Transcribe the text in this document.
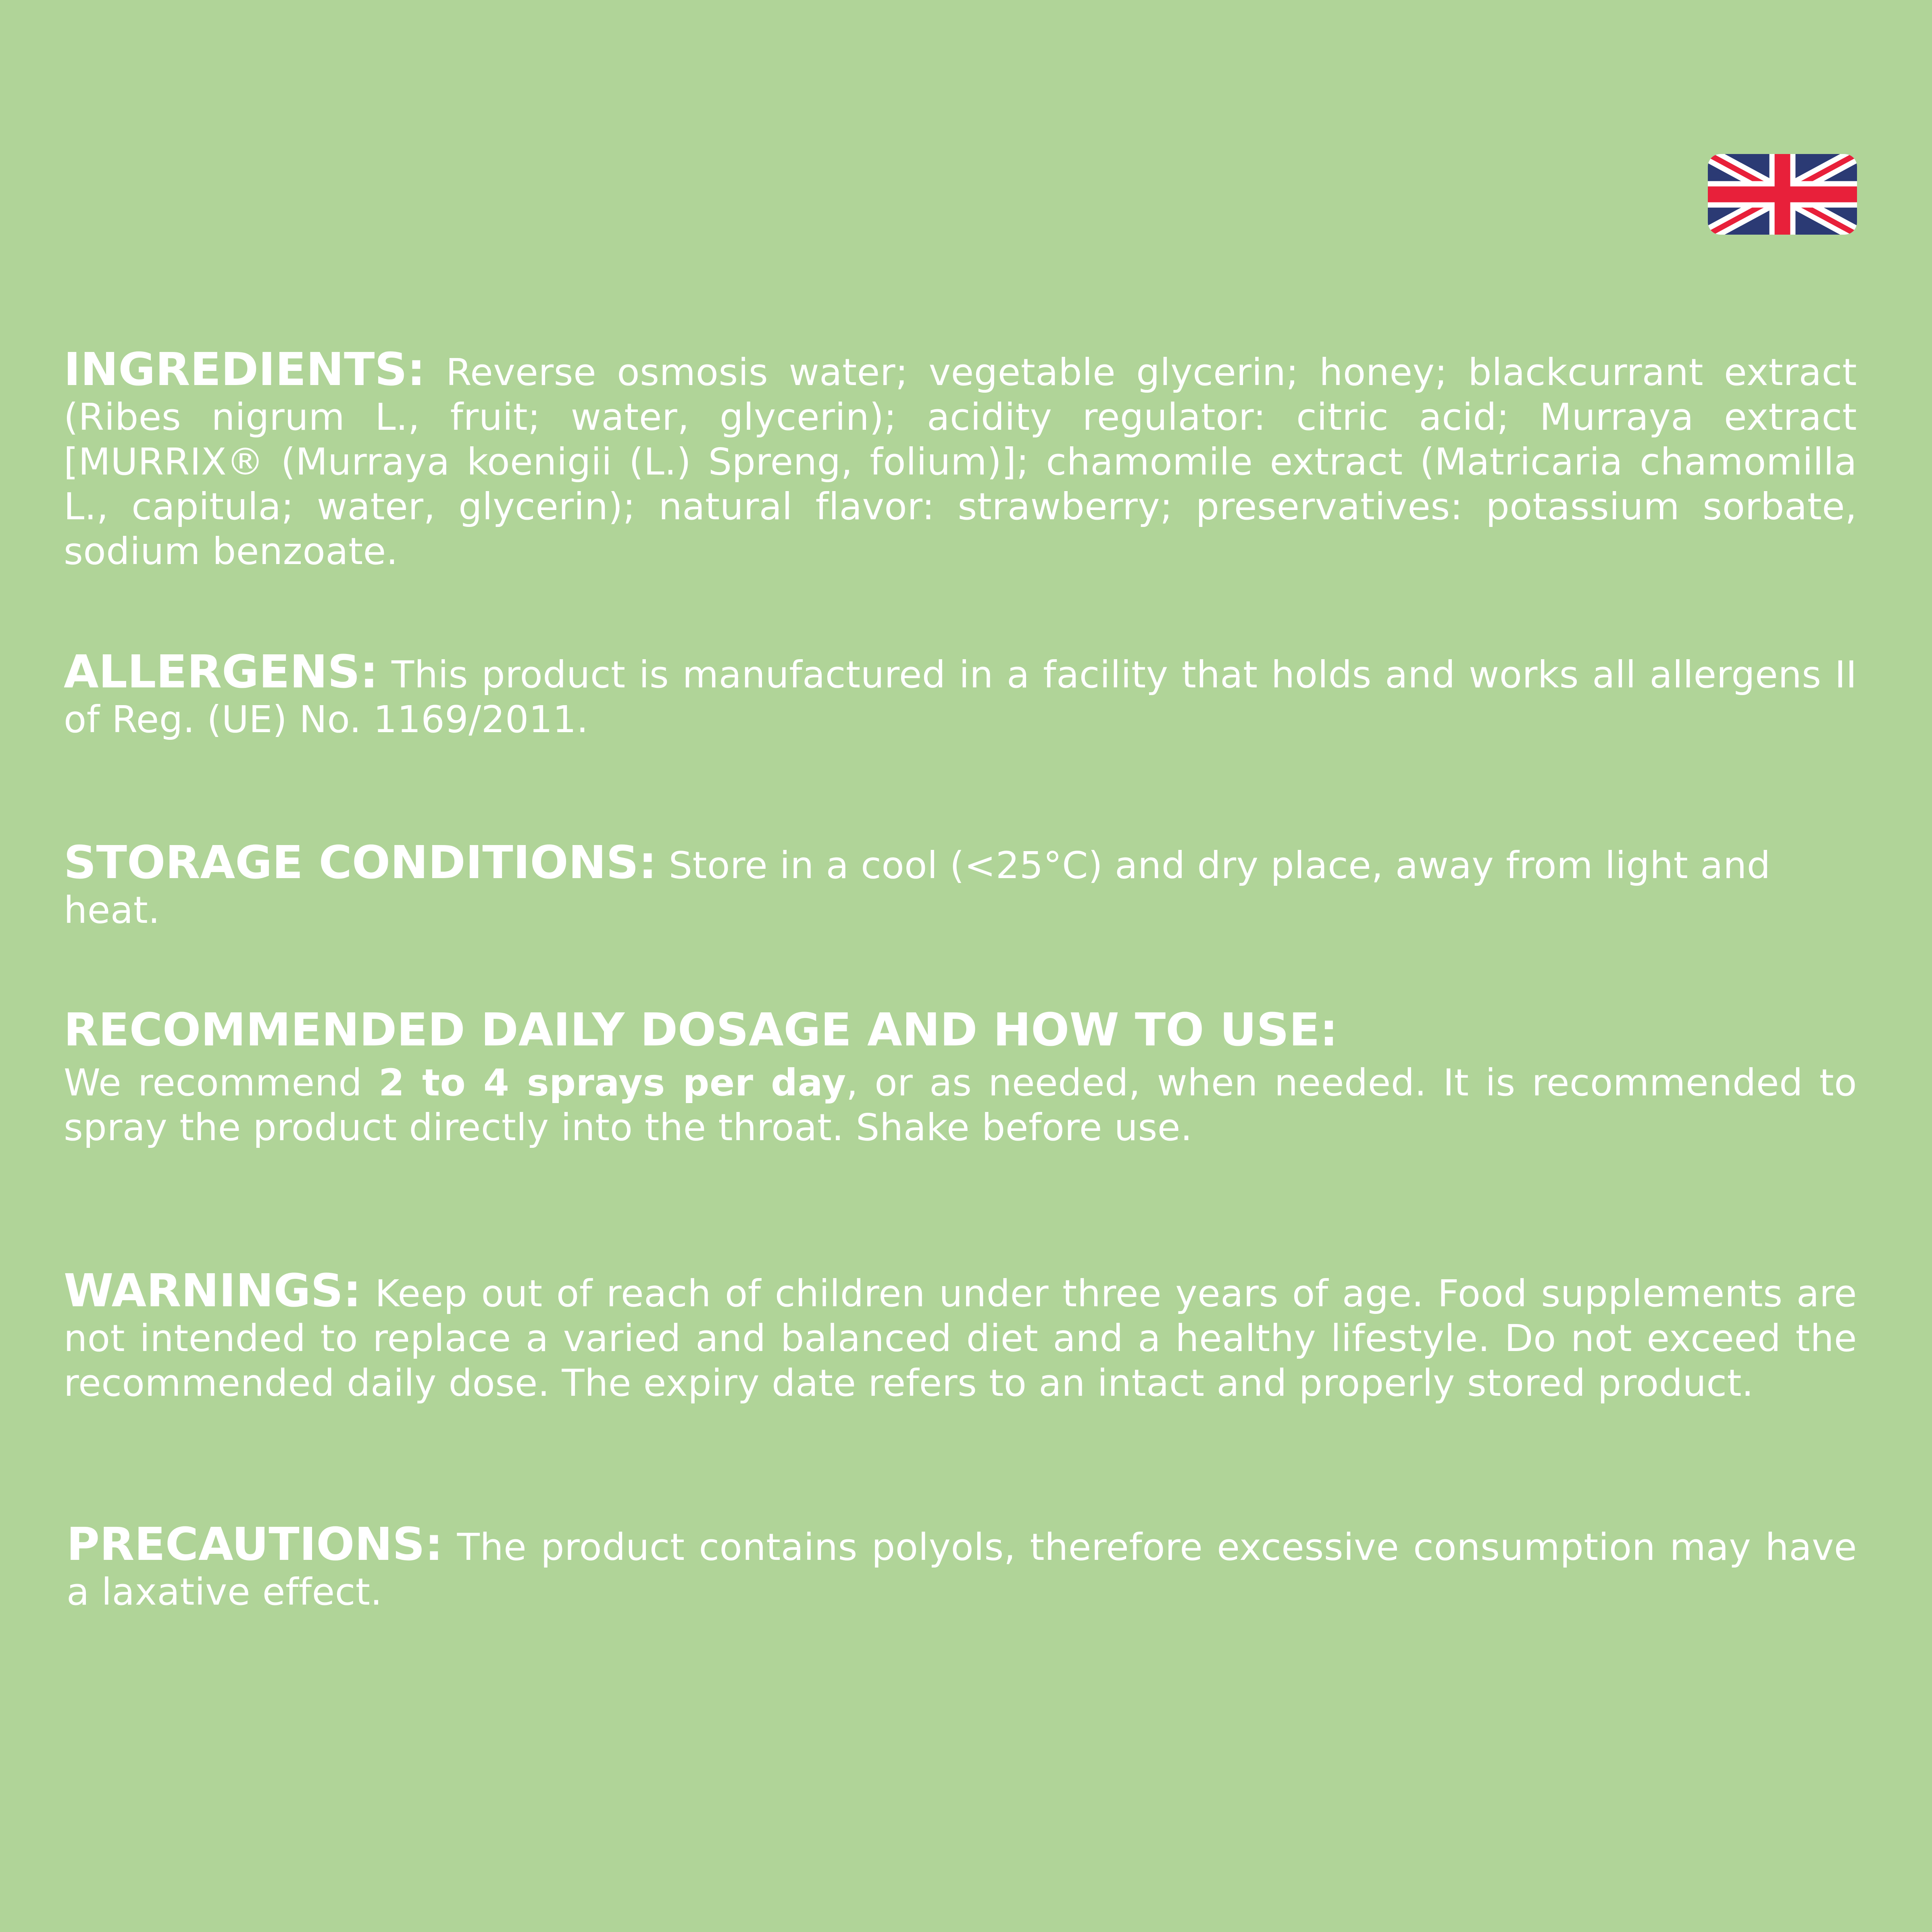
INGREDIENTS: Reverse osmosis water; vegetable glycerin; honey; blackcurrant extract (Ribes nigrum L., fruit; water, glycerin); acidity regulator: citric acid; Murraya extract [MURRIX® (Murraya koenigii (L.) Spreng, folium)]; chamomile extract (Matricaria chamomilla L., capitula; water, glycerin); natural flavor: strawberry; preservatives: potassium sorbate, sodium benzoate.
ALLERGENS: This product is manufactured in a facility that holds and works all allergens II of Reg. (UE) No. 1169/2011.
STORAGE CONDITIONS: Store in a cool (<25°C) and dry place, away from light and heat.
RECOMMENDED DAILY DOSAGE AND HOW TO USE:
We recommend 2 to 4 sprays per day, or as needed, when needed. It is recommended to spray the product directly into the throat. Shake before use.
WARNINGS: Keep out of reach of children under three years of age. Food supplements are not intended to replace a varied and balanced diet and a healthy lifestyle. Do not exceed the recommended daily dose. The expiry date refers to an intact and properly stored product.
PRECAUTIONS: The product contains polyols, therefore excessive consumption may have a laxative effect.
